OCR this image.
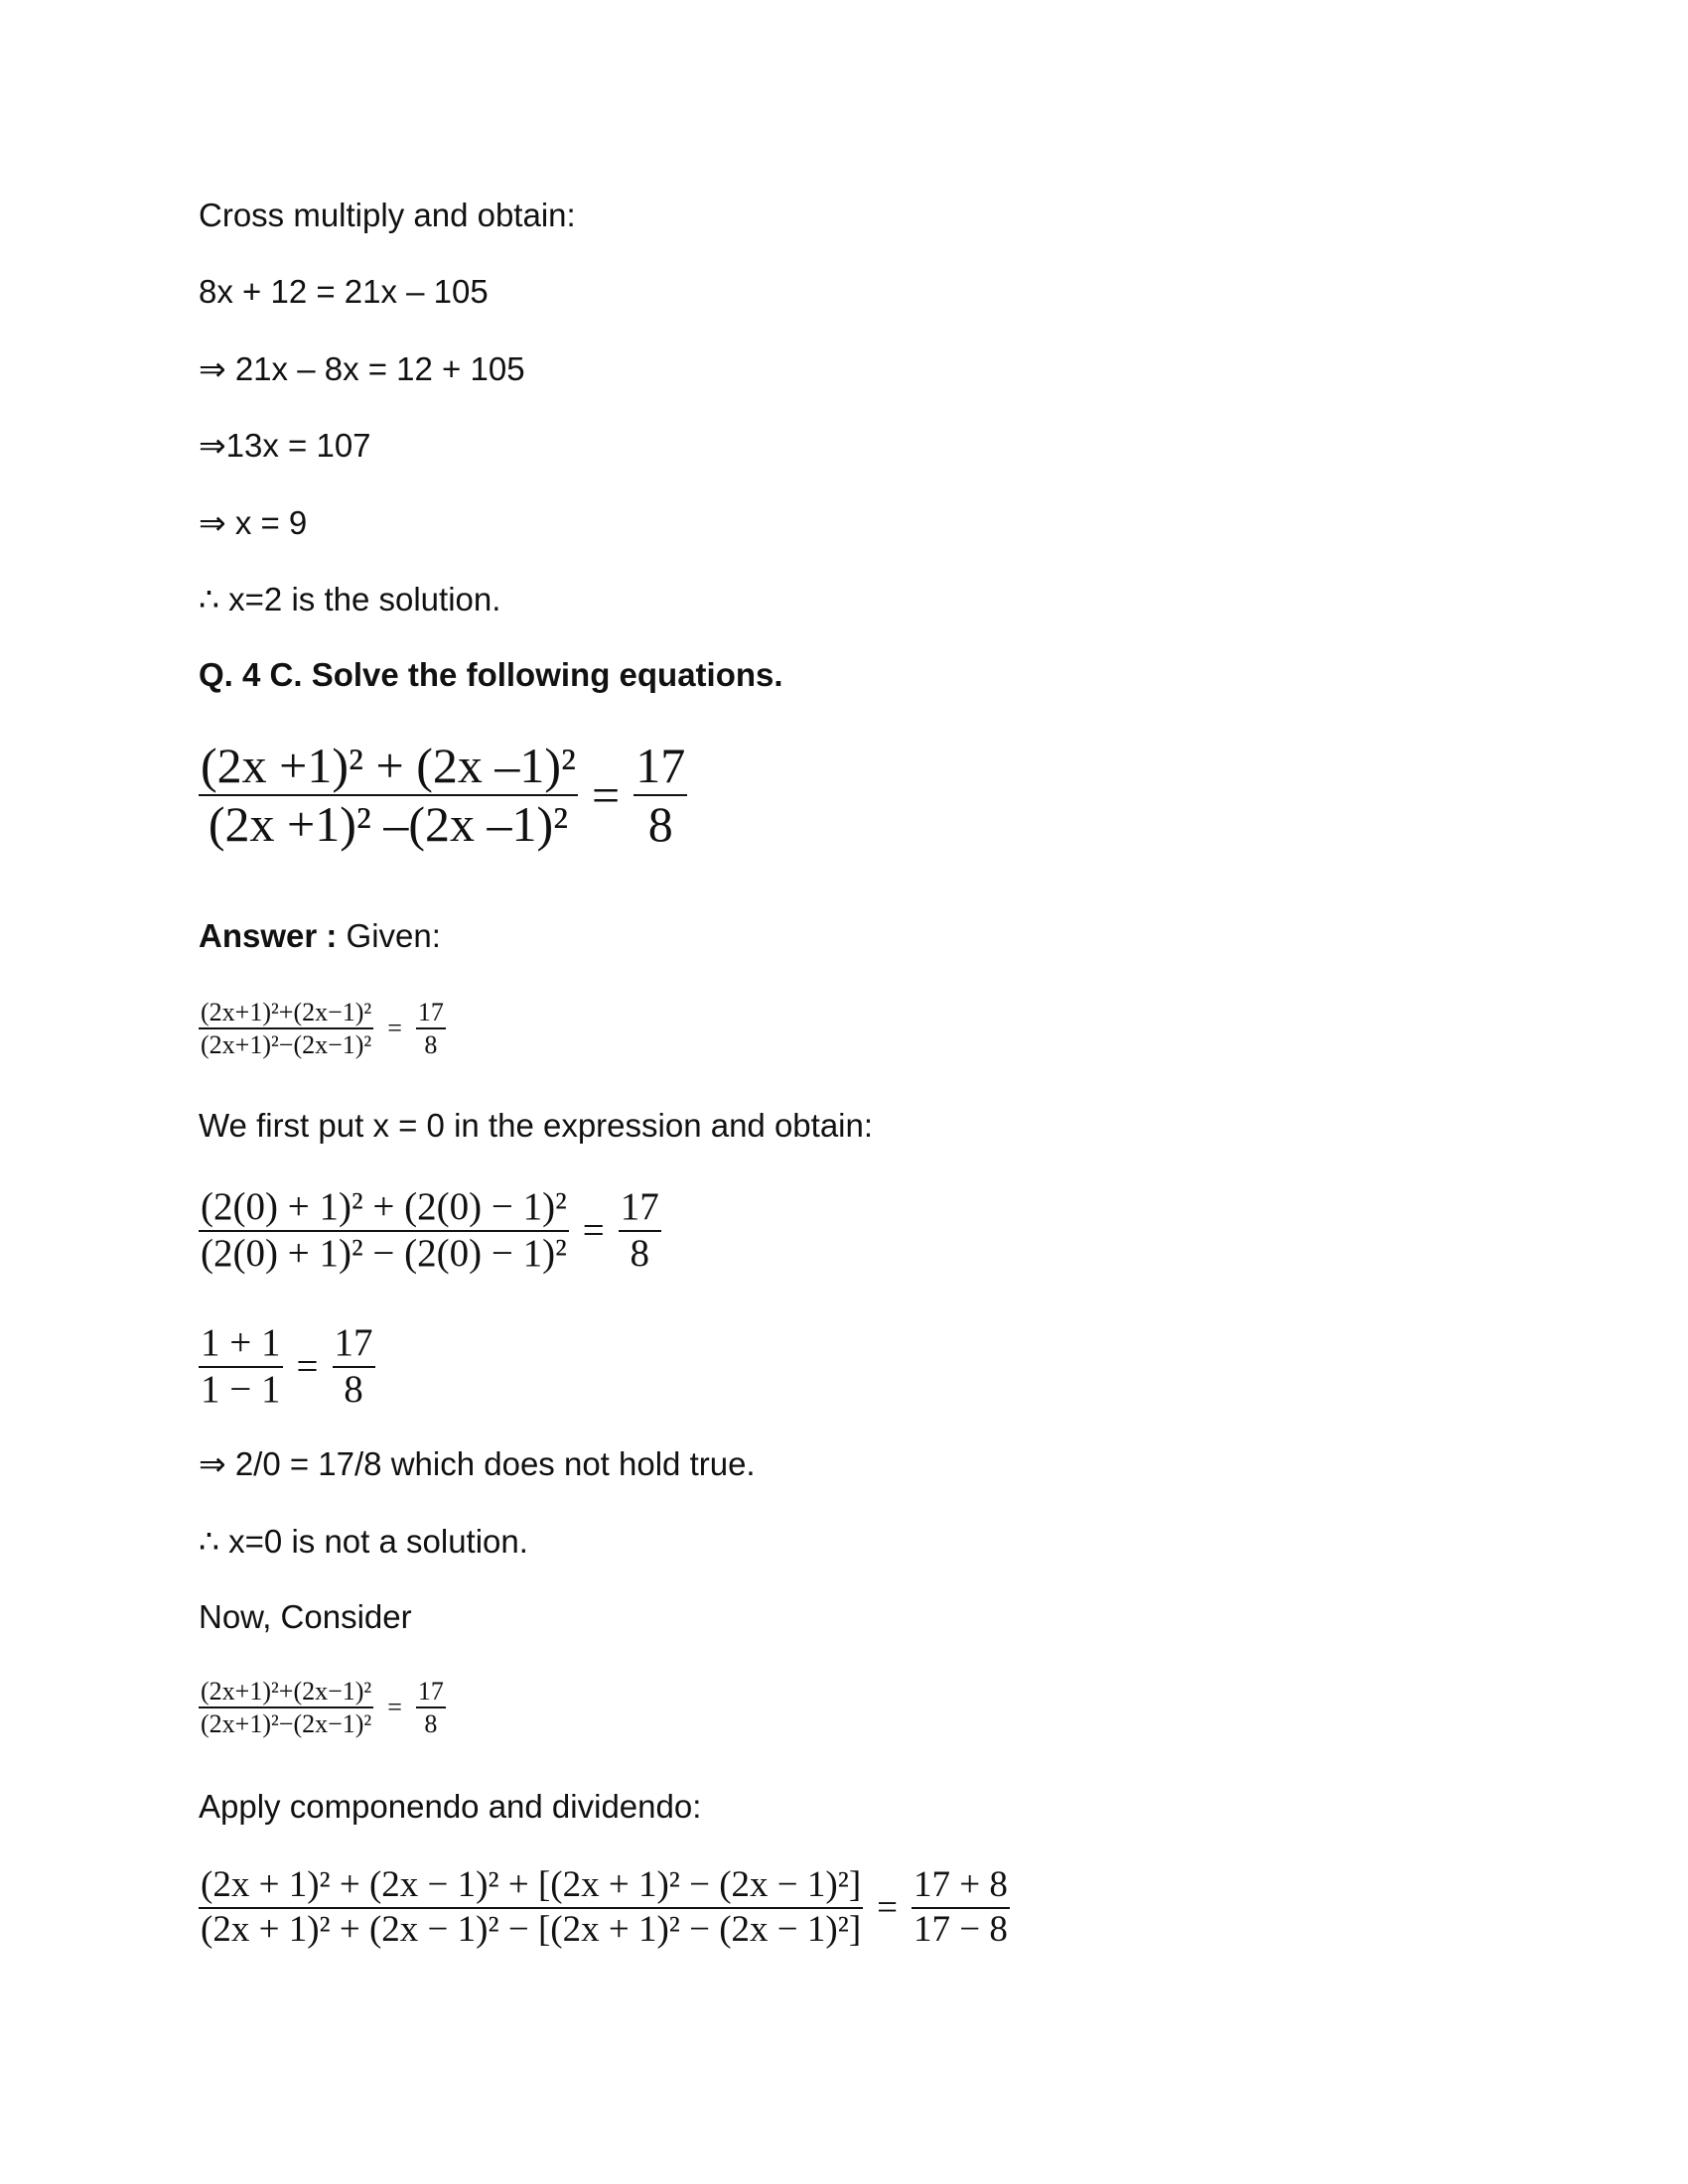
Cross multiply and obtain:
8x + 12 = 21x – 105
⇒ 21x – 8x = 12 + 105
⇒13x = 107
⇒ x = 9
∴ x=2 is the solution.
Q. 4 C. Solve the following equations.
$\frac{\text{(2x +1)² + (2x –1)²}}{\text{(2x +1)² –(2x –1)²}} = \frac{17}{8}$
Answer : Given:
$\frac{\text{(2x+1)²+(2x−1)²}}{\text{(2x+1)²−(2x−1)²}} = \frac{17}{8}$
We first put x = 0 in the expression and obtain:
$\frac{\text{(2(0) + 1)² + (2(0) − 1)²}}{\text{(2(0) + 1)² − (2(0) − 1)²}} = \frac{17}{8}$
$\frac{1 + 1}{1 - 1} = \frac{17}{8}$
⇒ 2/0 = 17/8 which does not hold true.
∴ x=0 is not a solution.
Now, Consider
$\frac{\text{(2x+1)²+(2x−1)²}}{\text{(2x+1)²−(2x−1)²}} = \frac{17}{8}$
Apply componendo and dividendo:
$\frac{\text{(2x + 1)² + (2x − 1)² + [(2x + 1)² − (2x − 1)²]}}{\text{(2x + 1)² + (2x − 1)² − [(2x + 1)² − (2x − 1)²]}} = \frac{17 + 8}{17 - 8}$
